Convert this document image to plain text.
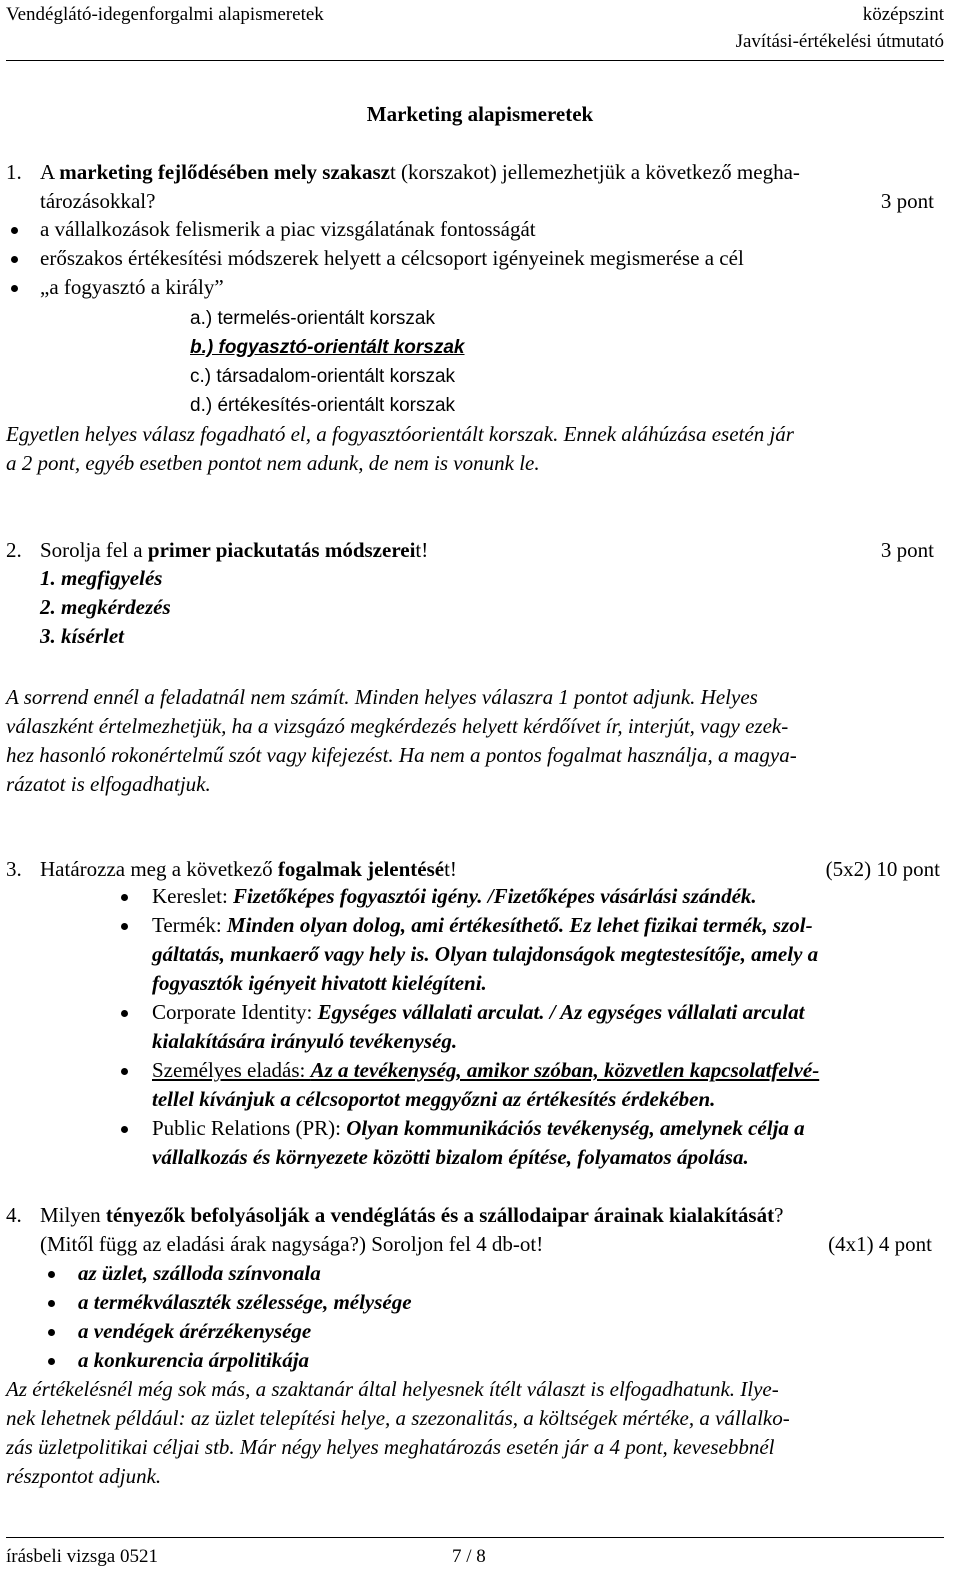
Vendéglátó-idegenforgalmi alapismeretek	középszint
Javítási-értékelési útmutató
Marketing alapismeretek
1. A marketing fejlődésében mely szakaszt (korszakot) jellemezhetjük a következő megha-
tározásokkal?	3 pont
a vállalkozások felismerik a piac vizsgálatának fontosságát
erőszakos értékesítési módszerek helyett a célcsoport igényeinek megismerése a cél
„a fogyasztó a király”
a.) termelés-orientált korszak
b.) fogyasztó-orientált korszak
c.) társadalom-orientált korszak
d.) értékesítés-orientált korszak
Egyetlen helyes válasz fogadható el, a fogyasztóorientált korszak. Ennek aláhúzása esetén jár
a 2 pont, egyéb esetben pontot nem adunk, de nem is vonunk le.
2. Sorolja fel a primer piackutatás módszereit!	3 pont
1. megfigyelés
2. megkérdezés
3. kísérlet
A sorrend ennél a feladatnál nem számít. Minden helyes válaszra 1 pontot adjunk. Helyes
válaszként értelmezhetjük, ha a vizsgázó megkérdezés helyett kérdőívet ír, interjút, vagy ezek-
hez hasonló rokonértelmű szót vagy kifejezést. Ha nem a pontos fogalmat használja, a magya-
rázatot is elfogadhatjuk.
3. Határozza meg a következő fogalmak jelentését!	(5x2) 10 pont
Kereslet: Fizetőképes fogyasztói igény. /Fizetőképes vásárlási szándék.
Termék: Minden olyan dolog, ami értékesíthető. Ez lehet fizikai termék, szol-
gáltatás, munkaerő vagy hely is. Olyan tulajdonságok megtestesítője, amely a
fogyasztók igényeit hivatott kielégíteni.
Corporate Identity: Egységes vállalati arculat. / Az egységes vállalati arculat
kialakítására irányuló tevékenység.
Személyes eladás: Az a tevékenység, amikor szóban, közvetlen kapcsolatfelvé-
tellel kívánjuk a célcsoportot meggyőzni az értékesítés érdekében.
Public Relations (PR): Olyan kommunikációs tevékenység, amelynek célja a
vállalkozás és környezete közötti bizalom építése, folyamatos ápolása.
4. Milyen tényezők befolyásolják a vendéglátás és a szállodaipar árainak kialakítását?
(Mitől függ az eladási árak nagysága?) Soroljon fel 4 db-ot!	(4x1) 4 pont
az üzlet, szálloda színvonala
a termékválaszték szélessége, mélysége
a vendégek árérzékenysége
a konkurencia árpolitikája
Az értékelésnél még sok más, a szaktanár által helyesnek ítélt választ is elfogadhatunk. Ilye-
nek lehetnek például: az üzlet telepítési helye, a szezonalitás, a költségek mértéke, a vállalko-
zás üzletpolitikai céljai stb. Már négy helyes meghatározás esetén jár a 4 pont, kevesebbnél
részpontot adjunk.
írásbeli vizsga 0521	7 / 8
